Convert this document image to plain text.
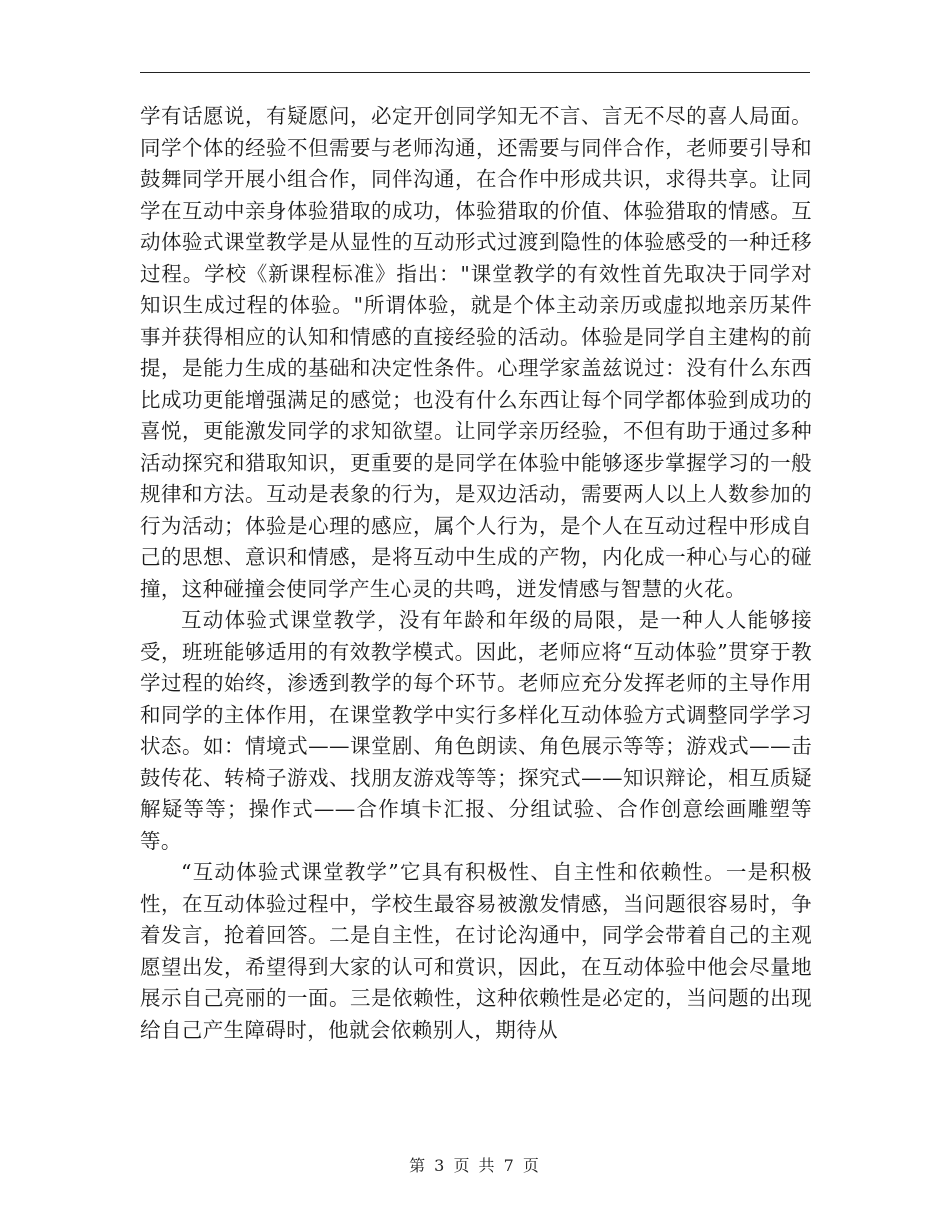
学有话愿说，有疑愿问，必定开创同学知无不言、言无不尽的喜人局面。同学个体的经验不但需要与老师沟通，还需要与同伴合作，老师要引导和鼓舞同学开展小组合作，同伴沟通，在合作中形成共识，求得共享。让同学在互动中亲身体验猎取的成功，体验猎取的价值、体验猎取的情感。互动体验式课堂教学是从显性的互动形式过渡到隐性的体验感受的一种迁移过程。学校《新课程标准》指出："课堂教学的有效性首先取决于同学对知识生成过程的体验。"所谓体验，就是个体主动亲历或虚拟地亲历某件事并获得相应的认知和情感的直接经验的活动。体验是同学自主建构的前提，是能力生成的基础和决定性条件。心理学家盖兹说过：没有什么东西比成功更能增强满足的感觉；也没有什么东西让每个同学都体验到成功的喜悦，更能激发同学的求知欲望。让同学亲历经验，不但有助于通过多种活动探究和猎取知识，更重要的是同学在体验中能够逐步掌握学习的一般规律和方法。互动是表象的行为，是双边活动，需要两人以上人数参加的行为活动；体验是心理的感应，属个人行为，是个人在互动过程中形成自己的思想、意识和情感，是将互动中生成的产物，内化成一种心与心的碰撞，这种碰撞会使同学产生心灵的共鸣，迸发情感与智慧的火花。

互动体验式课堂教学，没有年龄和年级的局限，是一种人人能够接受，班班能够适用的有效教学模式。因此，老师应将“互动体验”贯穿于教学过程的始终，渗透到教学的每个环节。老师应充分发挥老师的主导作用和同学的主体作用，在课堂教学中实行多样化互动体验方式调整同学学习状态。如：情境式——课堂剧、角色朗读、角色展示等等；游戏式——击鼓传花、转椅子游戏、找朋友游戏等等；探究式——知识辩论，相互质疑解疑等等；操作式——合作填卡汇报、分组试验、合作创意绘画雕塑等等。

“互动体验式课堂教学”它具有积极性、自主性和依赖性。一是积极性，在互动体验过程中，学校生最容易被激发情感，当问题很容易时，争着发言，抢着回答。二是自主性，在讨论沟通中，同学会带着自己的主观愿望出发，希望得到大家的认可和赏识，因此，在互动体验中他会尽量地展示自己亮丽的一面。三是依赖性，这种依赖性是必定的，当问题的出现给自己产生障碍时，他就会依赖别人，期待从

第 3 页 共 7 页
